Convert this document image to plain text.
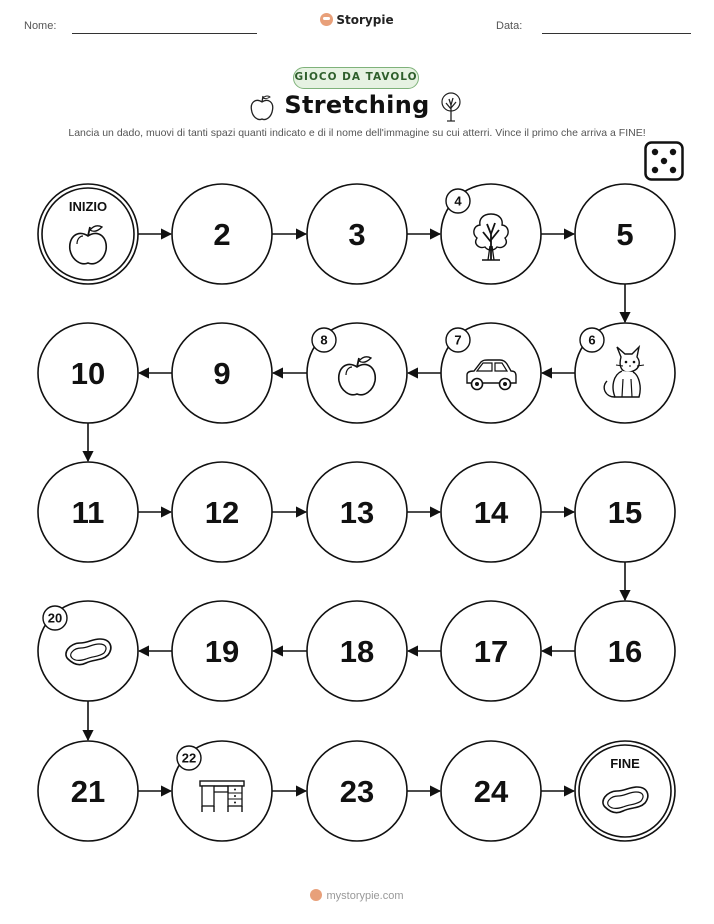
Nome:	Storypie	Data:
GIOCO DA TAVOLO
Stretching
Lancia un dado, muovi di tanti spazi quanti indicato e di il nome dell'immagine su cui atterri. Vince il primo che arriva a FINE!
INIZIO
2	3
4
5
6
7
8
9
10
11	12	13	14	15
16
17
18
19
20
21
22
23	24
FINE
mystorypie.com
